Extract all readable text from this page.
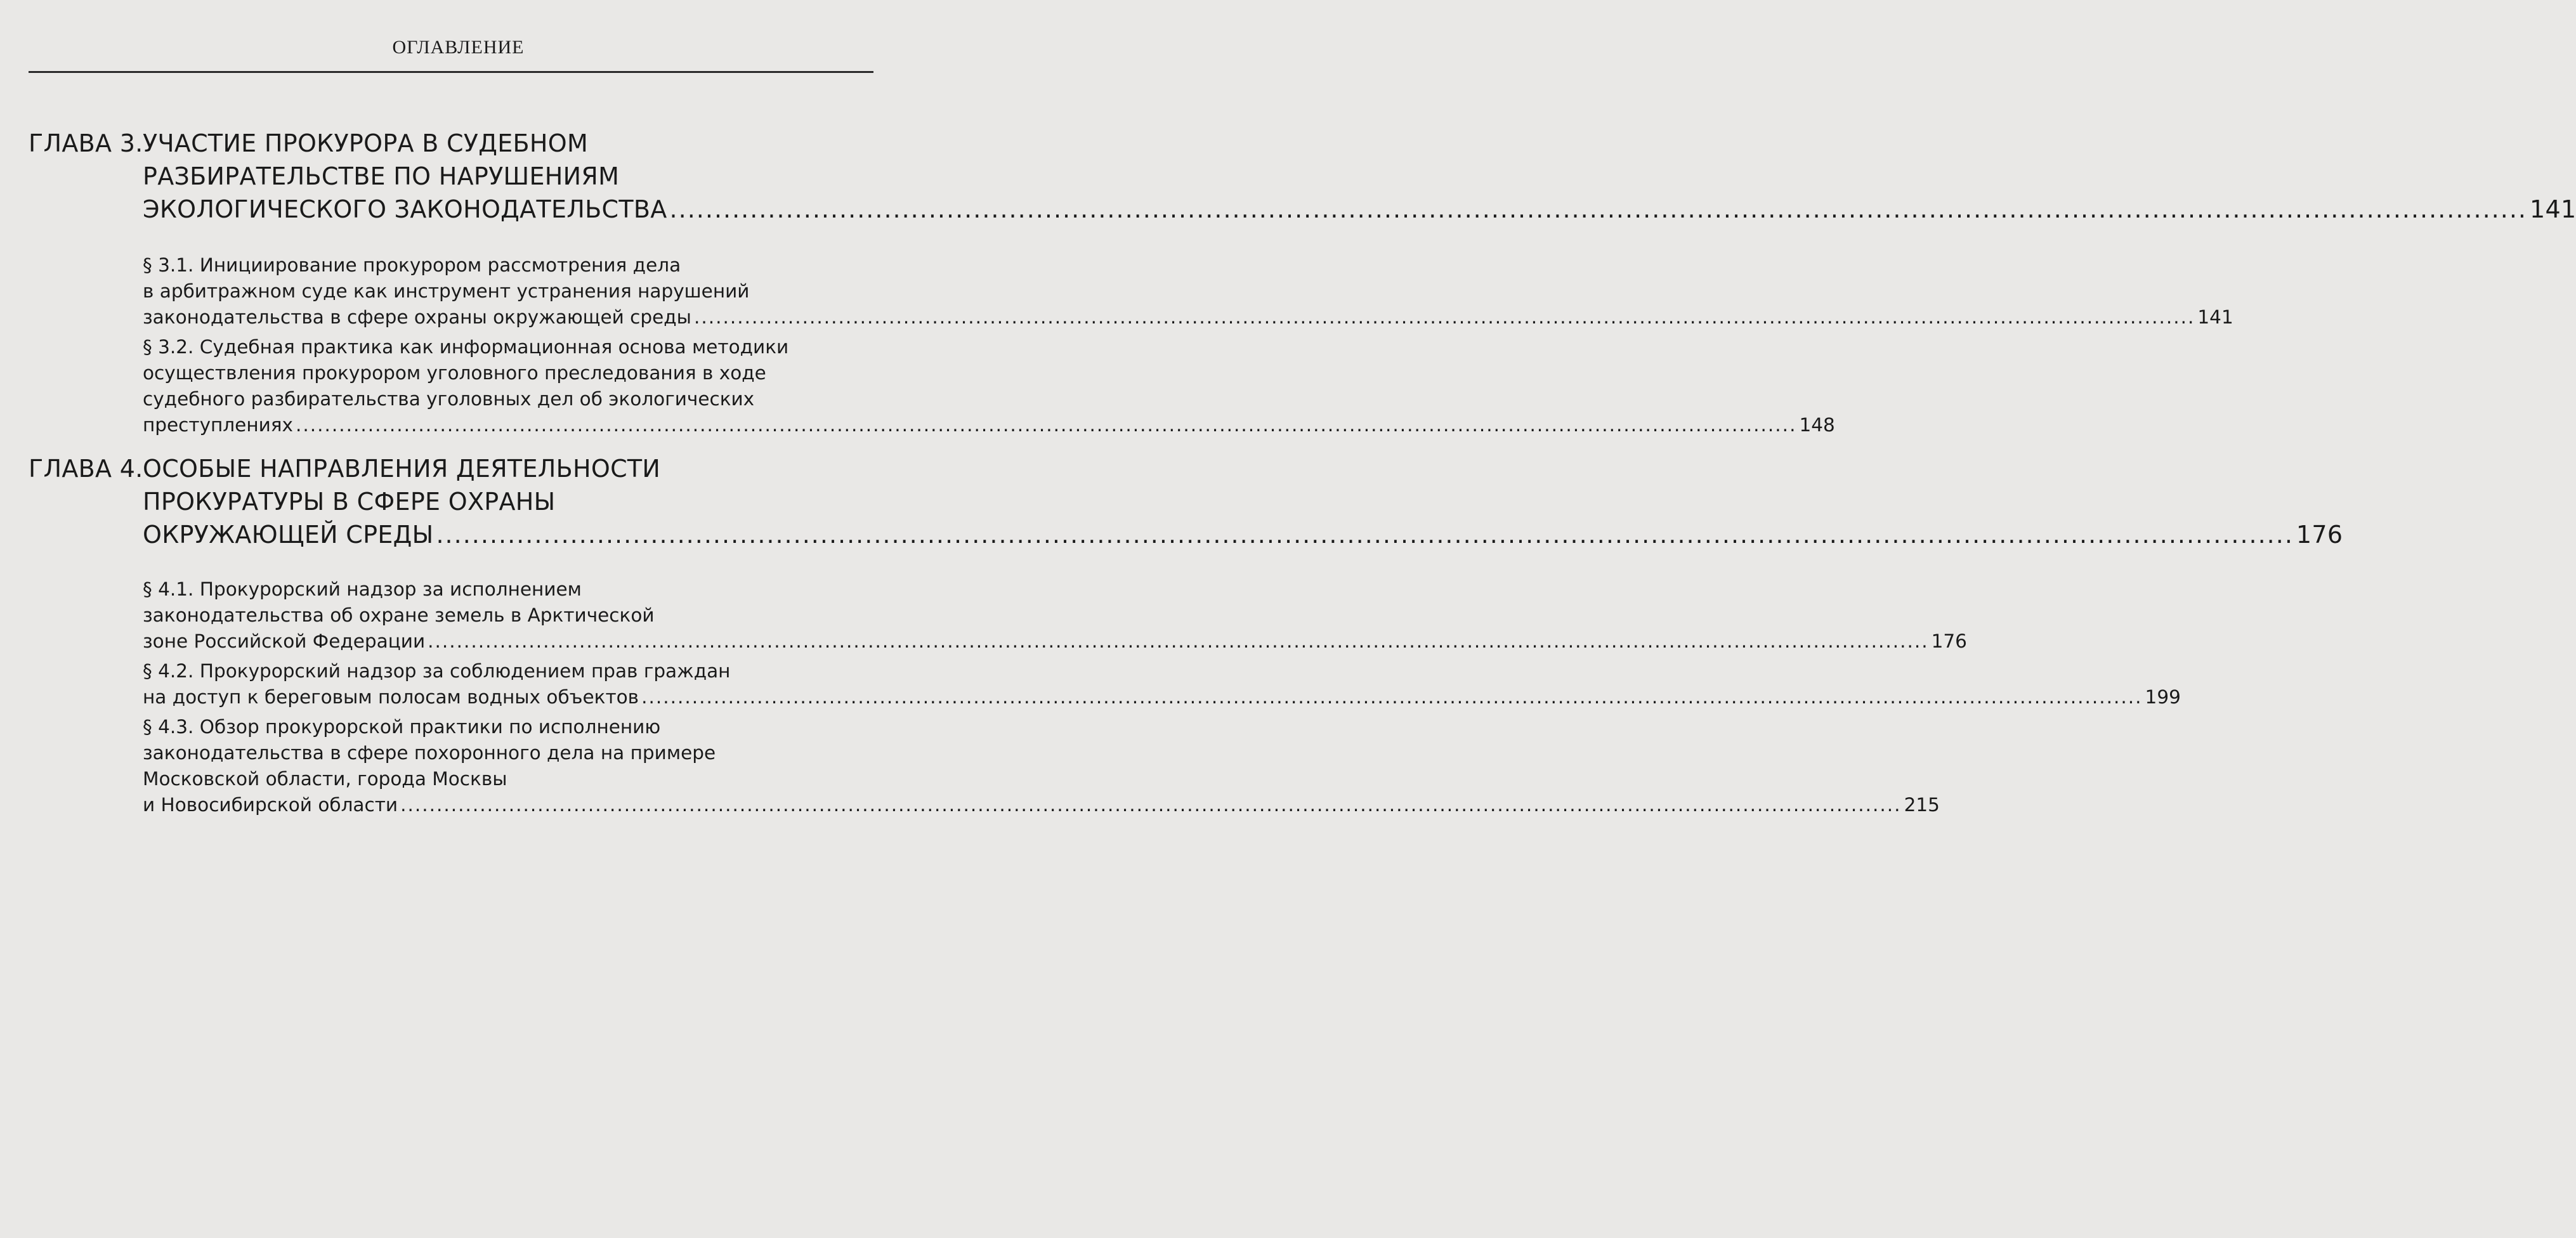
ОГЛАВЛЕНИЕ
ГЛАВА 3. УЧАСТИЕ ПРОКУРОРА В СУДЕБНОМ
РАЗБИРАТЕЛЬСТВЕ ПО НАРУШЕНИЯМ
ЭКОЛОГИЧЕСКОГО ЗАКОНОДАТЕЛЬСТВА .....	141
§ 3.1. Инициирование прокурором рассмотрения дела
в арбитражном суде как инструмент устранения нарушений
законодательства в сфере охраны окружающей среды .....	141
§ 3.2. Судебная практика как информационная основа методики
осуществления прокурором уголовного преследования в ходе
судебного разбирательства уголовных дел об экологических
преступлениях .....	148
ГЛАВА 4. ОСОБЫЕ НАПРАВЛЕНИЯ ДЕЯТЕЛЬНОСТИ
ПРОКУРАТУРЫ В СФЕРЕ ОХРАНЫ
ОКРУЖАЮЩЕЙ СРЕДЫ .....	176
§ 4.1. Прокурорский надзор за исполнением
законодательства об охране земель в Арктической
зоне Российской Федерации .....	176
§ 4.2. Прокурорский надзор за соблюдением прав граждан
на доступ к береговым полосам водных объектов .....	199
§ 4.3. Обзор прокурорской практики по исполнению
законодательства в сфере похоронного дела на примере
Московской области, города Москвы
и Новосибирской области .....	215
